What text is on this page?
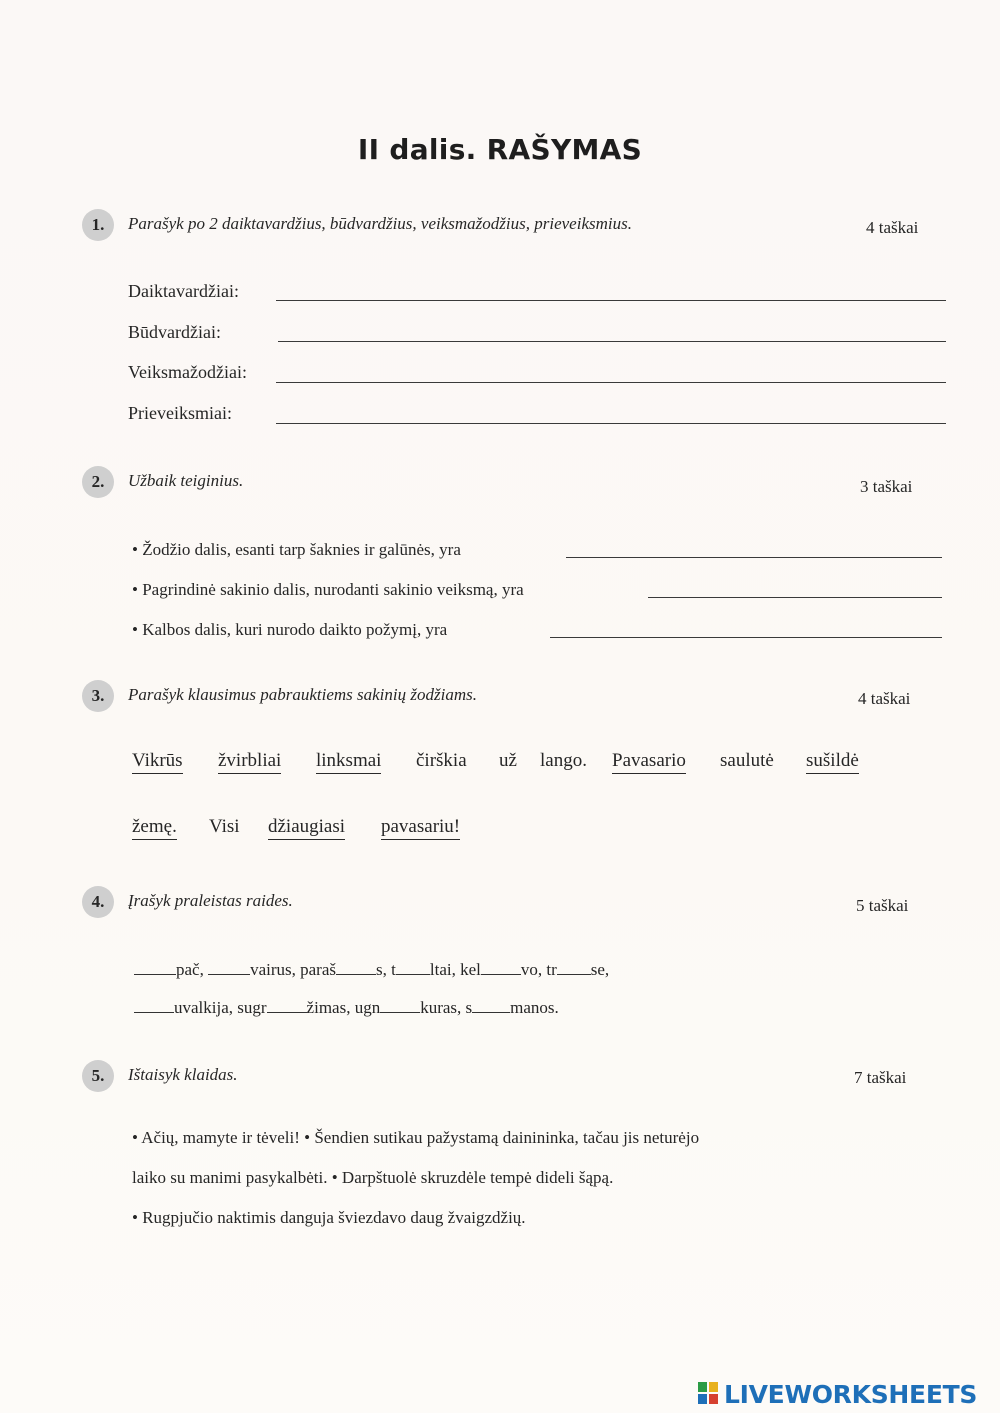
II dalis. RAŠYMAS
1.	Parašyk po 2 daiktavardžius, būdvardžius, veiksmažodžius, prieveiksmius.	4 taškai
Daiktavardžiai:
Būdvardžiai:
Veiksmažodžiai:
Prieveiksmiai:
2.	Užbaik teiginius.	3 taškai
• Žodžio dalis, esanti tarp šaknies ir galūnės, yra
• Pagrindinė sakinio dalis, nurodanti sakinio veiksmą, yra
• Kalbos dalis, kuri nurodo daikto požymį, yra
3.	Parašyk klausimus pabrauktiems sakinių žodžiams.	4 taškai
Vikrūs žvirbliai linksmai čirškia už lango. Pavasario saulutė sušildė
žemę. Visi džiaugiasi pavasariu!
4.	Įrašyk praleistas raides.	5 taškai
pač,	vairus, paraš s, t ltai, kel vo, tr se,
uvalkija, sugr žimas, ugn kuras, s manos.
5.	Ištaisyk klaidas.	7 taškai
• Ačių, mamyte ir tėveli! • Šendien sutikau pažystamą dainininka, tačau jis neturėjo
laiko su manimi pasykalbėti. • Darpštuolė skruzdėle tempė dideli šąpą.
• Rugpjučio naktimis danguja šviezdavo daug žvaigzdžių.
LIVEWORKSHEETS
